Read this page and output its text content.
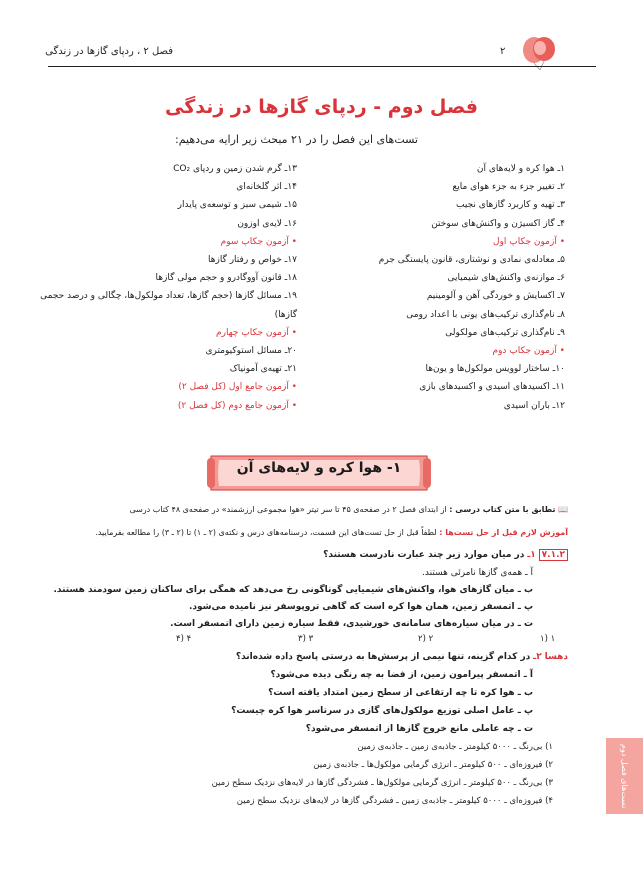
فصل ۲ ، ردپای گازها در زندگی	۲
فصل دوم - ردپای گازها در زندگی
تست‌های این فصل را در ۲۱ مبحث زیر ارایه می‌دهیم:
۱ـ هوا کره و لایه‌های آن
۲ـ تغییر جزء به جزء هوای مایع
۳ـ تهیه و کاربرد گازهای نجیب
۴ـ گاز اکسیژن و واکنش‌های سوختن
• آزمون جکاپ اول
۵ـ معادله‌ی نمادی و نوشتاری، قانون پایستگی جرم
۶ـ موازنه‌ی واکنش‌های شیمیایی
۷ـ اکسایش و خوردگی آهن و آلومینیم
۸ـ نام‌گذاری ترکیب‌های یونی با اعداد رومی
۹ـ نام‌گذاری ترکیب‌های مولکولی
• آزمون جکاپ دوم
۱۰ـ ساختار لوویس مولکول‌ها و یون‌ها
۱۱ـ اکسیدهای اسیدی و اکسیدهای بازی
۱۲ـ باران اسیدی
۱۳ـ گرم شدن زمین و ردپای CO₂
۱۴ـ اثر گلخانه‌ای
۱۵ـ شیمی سبز و توسعه‌ی پایدار
۱۶ـ لایه‌ی اوزون
• آزمون جکاپ سوم
۱۷ـ خواص و رفتار گازها
۱۸ـ قانون آووگادرو و حجم مولی گازها
۱۹ـ مسائل گازها (حجم گازها، تعداد مولکول‌ها، چگالی و درصد حجمی گازها)
• آزمون جکاپ چهارم
۲۰ـ مسائل استوکیومتری
۲۱ـ تهیه‌ی آمونیاک
• آزمون جامع اول (کل فصل ۲)
• آزمون جامع دوم (کل فصل ۲)
۱- هوا کره و لایه‌های آن
📖 تطابق با متن کتاب درسی : از ابتدای فصل ۲ در صفحه‌ی ۴۵ تا سر تیتر «هوا مجموعی ارزشمند» در صفحه‌ی ۴۸ کتاب درسی
آموزش لازم قبل از حل تست‌ها : لطفاً قبل از حل تست‌های این قسمت، درسنامه‌های درس و نکته‌ی (۲ ـ ۱) تا (۲ ـ ۳) را مطالعه بفرمایید.
۷.۱.۲ ۱ـ در میان موارد زیر چند عبارت نادرست هستند؟
آ ـ همه‌ی گازها نامرئی هستند.
ب ـ میان گازهای هوا، واکنش‌های شیمیایی گوناگونی رخ می‌دهد که همگی برای ساکنان زمین سودمند هستند.
پ ـ اتمسفر زمین، همان هوا کره است که گاهی تروپوسفر نیز نامیده می‌شود.
ت ـ در میان سیاره‌های سامانه‌ی خورشیدی، فقط سیاره زمین دارای اتمسفر است.
۱) ۱
۲) ۲
۳) ۳
۴) ۴
دهسا ۲ـ در کدام گزینه، تنها نیمی از پرسش‌ها به درستی پاسخ داده شده‌اند؟
آ ـ اتمسفر پیرامون زمین، از فضا به چه رنگی دیده می‌شود؟
ب ـ هوا کره تا چه ارتفاعی از سطح زمین امتداد یافته است؟
پ ـ عامل اصلی توزیع مولکول‌های گازی در سرتاسر هوا کره چیست؟
ت ـ چه عاملی مانع خروج گازها از اتمسفر می‌شود؟
۱) بی‌رنگ ـ ۵۰۰۰ کیلومتر ـ جاذبه‌ی زمین ـ جاذبه‌ی زمین
۲) فیروزه‌ای ـ ۵۰۰ کیلومتر ـ انرژی گرمایی مولکول‌ها ـ جاذبه‌ی زمین
۳) بی‌رنگ ـ ۵۰۰ کیلومتر ـ انرژی گرمایی مولکول‌ها ـ فشردگی گازها در لایه‌های نزدیک سطح زمین
۴) فیروزه‌ای ـ ۵۰۰۰ کیلومتر ـ جاذبه‌ی زمین ـ فشردگی گازها در لایه‌های نزدیک سطح زمین	تست‌های فصل دوم
